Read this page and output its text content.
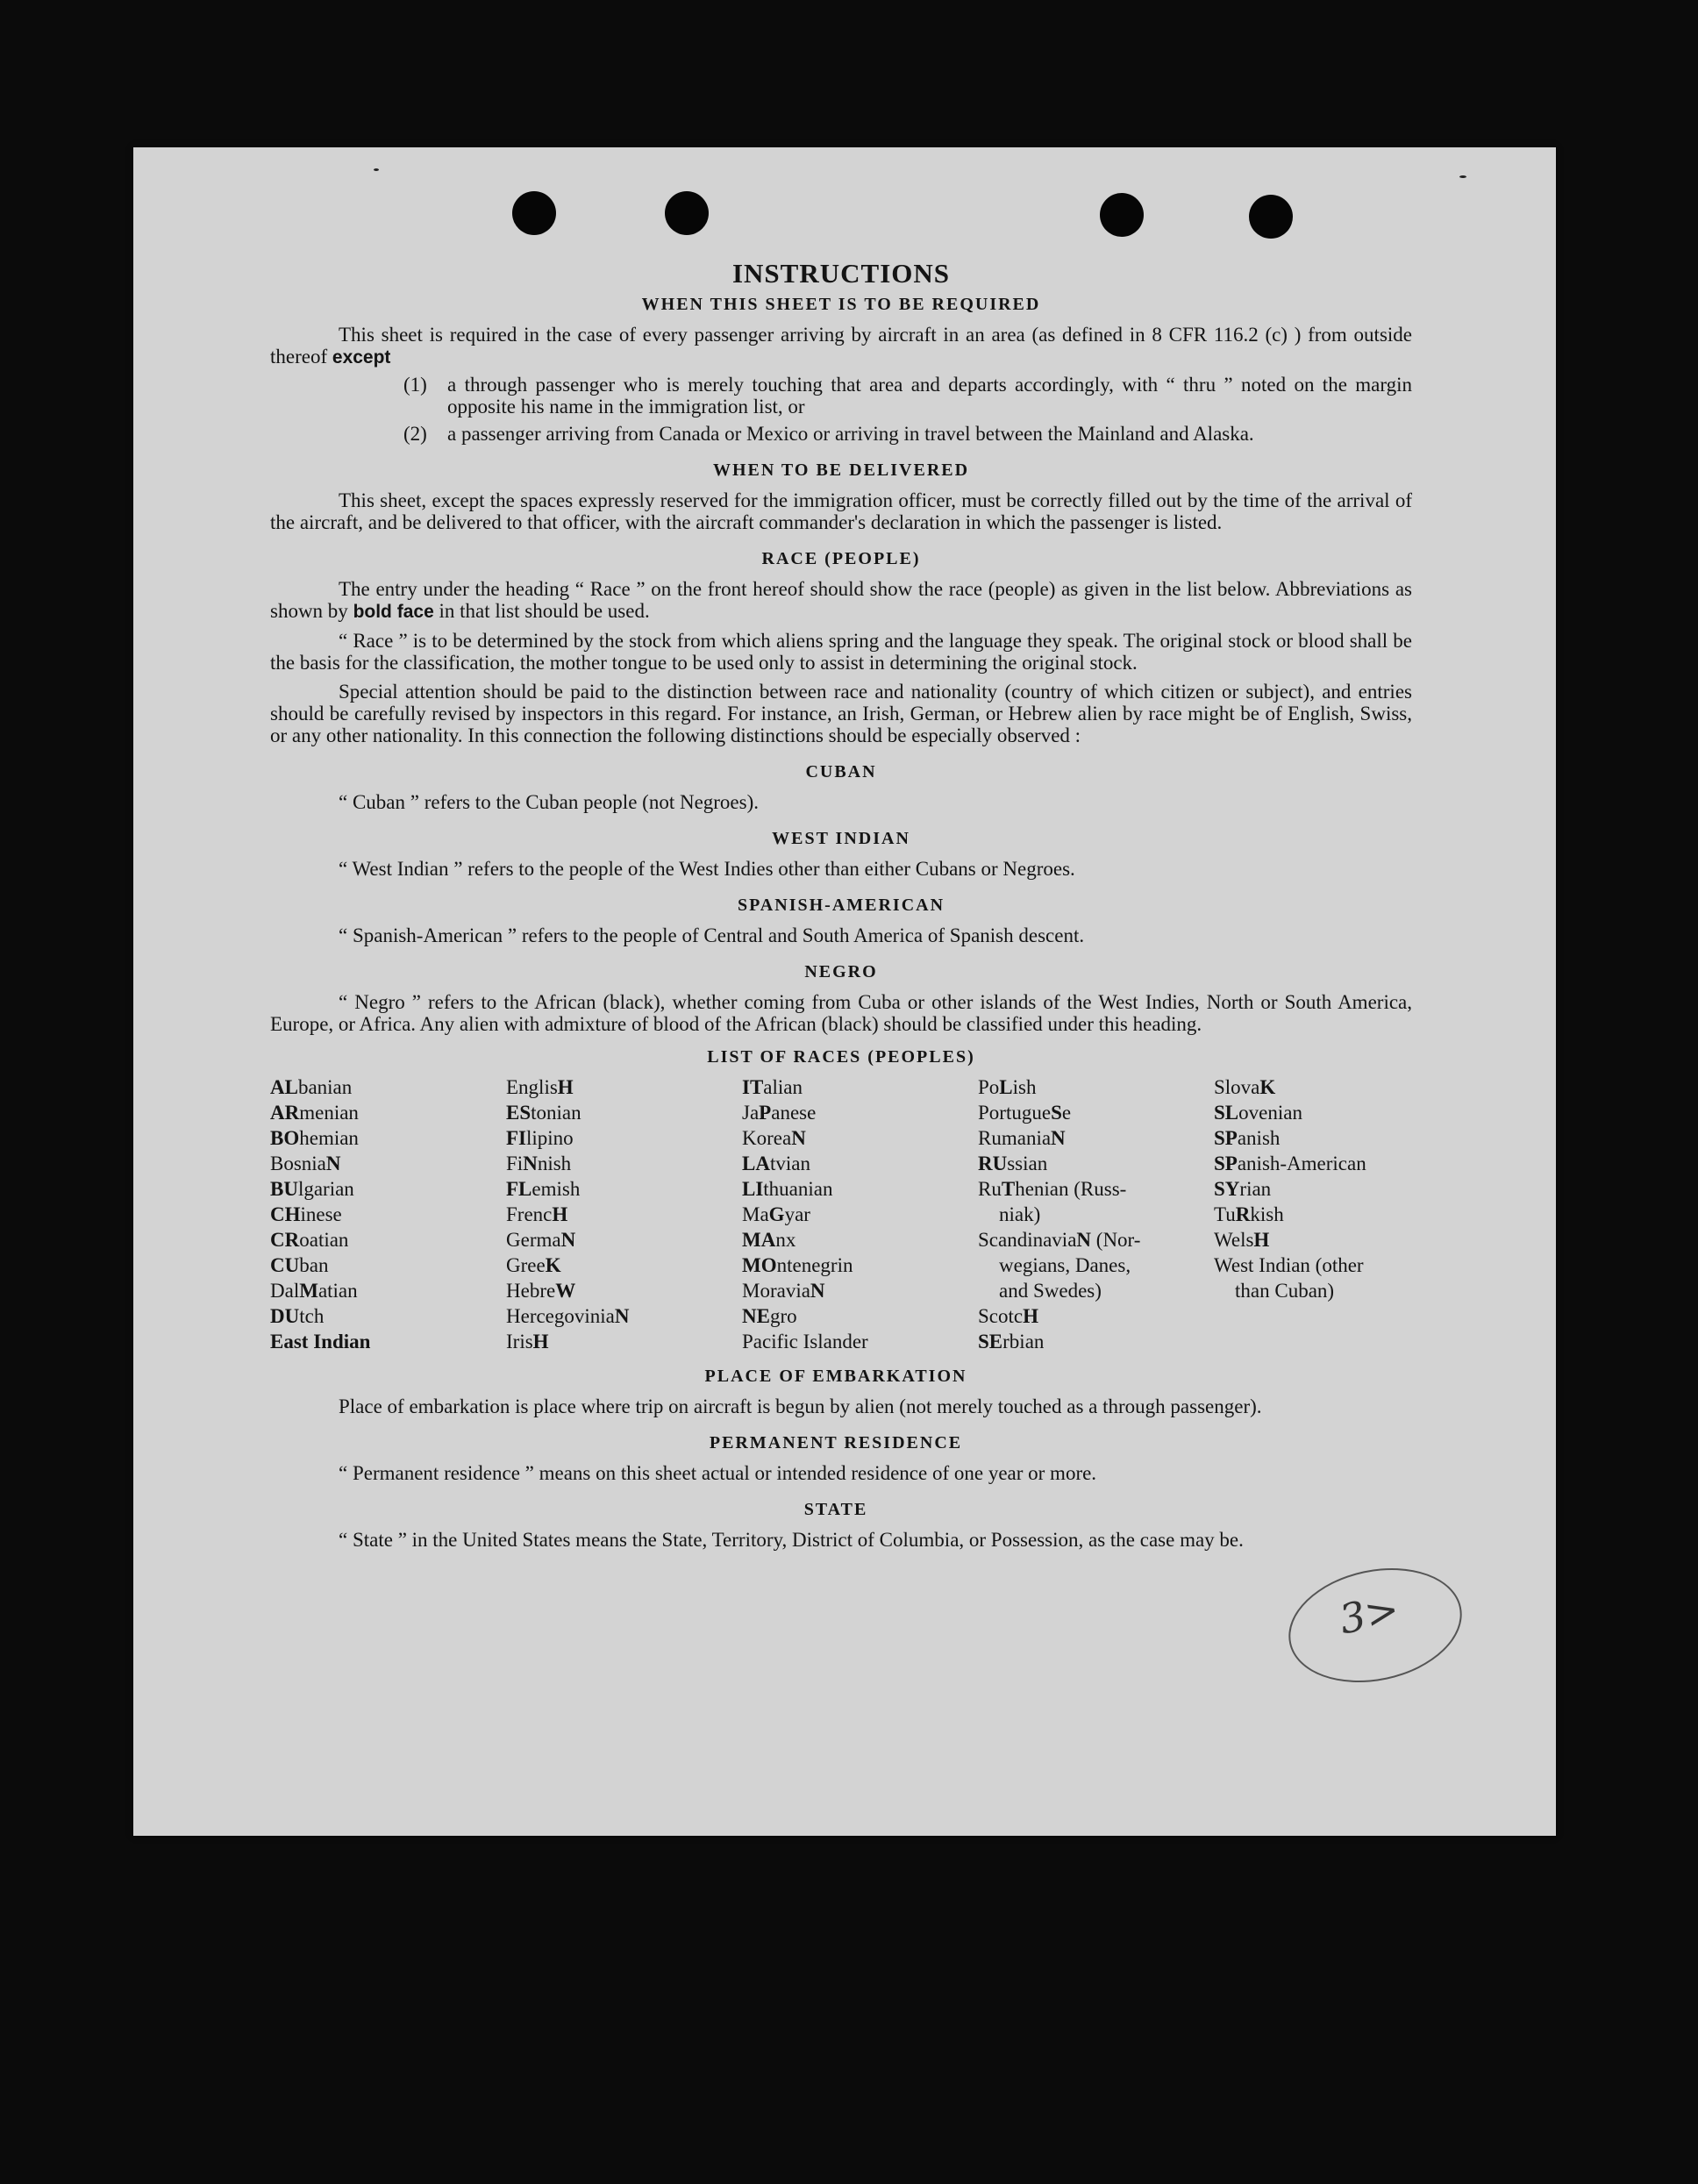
INSTRUCTIONS
WHEN THIS SHEET IS TO BE REQUIRED

This sheet is required in the case of every passenger arriving by aircraft in an area (as defined in 8 CFR 116.2 (c) ) from outside thereof except

(1)	a through passenger who is merely touching that area and departs accordingly, with “ thru ” noted on the margin opposite his name in the immigration list, or
(2)	a passenger arriving from Canada or Mexico or arriving in travel between the Mainland and Alaska.
WHEN TO BE DELIVERED

This sheet, except the spaces expressly reserved for the immigration officer, must be correctly filled out by the time of the arrival of the aircraft, and be delivered to that officer, with the aircraft commander's declaration in which the passenger is listed.

RACE (PEOPLE)

The entry under the heading “ Race ” on the front hereof should show the race (people) as given in the list below. Abbreviations as shown by bold face in that list should be used.

“ Race ” is to be determined by the stock from which aliens spring and the language they speak. The original stock or blood shall be the basis for the classification, the mother tongue to be used only to assist in determining the original stock.

Special attention should be paid to the distinction between race and nationality (country of which citizen or subject), and entries should be carefully revised by inspectors in this regard. For instance, an Irish, German, or Hebrew alien by race might be of English, Swiss, or any other nationality. In this connection the following distinctions should be especially observed :

CUBAN

“ Cuban ” refers to the Cuban people (not Negroes).

WEST INDIAN

“ West Indian ” refers to the people of the West Indies other than either Cubans or Negroes.

SPANISH-AMERICAN

“ Spanish-American ” refers to the people of Central and South America of Spanish descent.

NEGRO

“ Negro ” refers to the African (black), whether coming from Cuba or other islands of the West Indies, North or South America, Europe, or Africa. Any alien with admixture of blood of the African (black) should be classified under this heading.

LIST OF RACES (PEOPLES)
ALbanian
ARmenian
BOhemian
BosniaN
BUlgarian
CHinese
CRoatian
CUban
DalMatian
DUtch
East Indian
EnglisH
EStonian
FIlipino
FiNnish
FLemish
FrencH
GermaN
GreeK
HebreW
HercegoviniaN
IrisH
ITalian
JaPanese
KoreaN
LAtvian
LIthuanian
MaGyar
MAnx
MOntenegrin
MoraviaN
NEgro
Pacific Islander
PoLish
PortugueSe
RumaniaN
RUssian
RuThenian (Russ-
niak)
ScandinaviaN (Nor-
wegians, Danes,
and Swedes)
ScotcH
SErbian
SlovaK
SLovenian
SPanish
SPanish-American
SYrian
TuRkish
WelsH
West Indian (other
than Cuban)
PLACE OF EMBARKATION

Place of embarkation is place where trip on aircraft is begun by alien (not merely touched as a through passenger).

PERMANENT RESIDENCE

“ Permanent residence ” means on this sheet actual or intended residence of one year or more.

STATE

“ State ” in the United States means the State, Territory, District of Columbia, or Possession, as the case may be.

3>
